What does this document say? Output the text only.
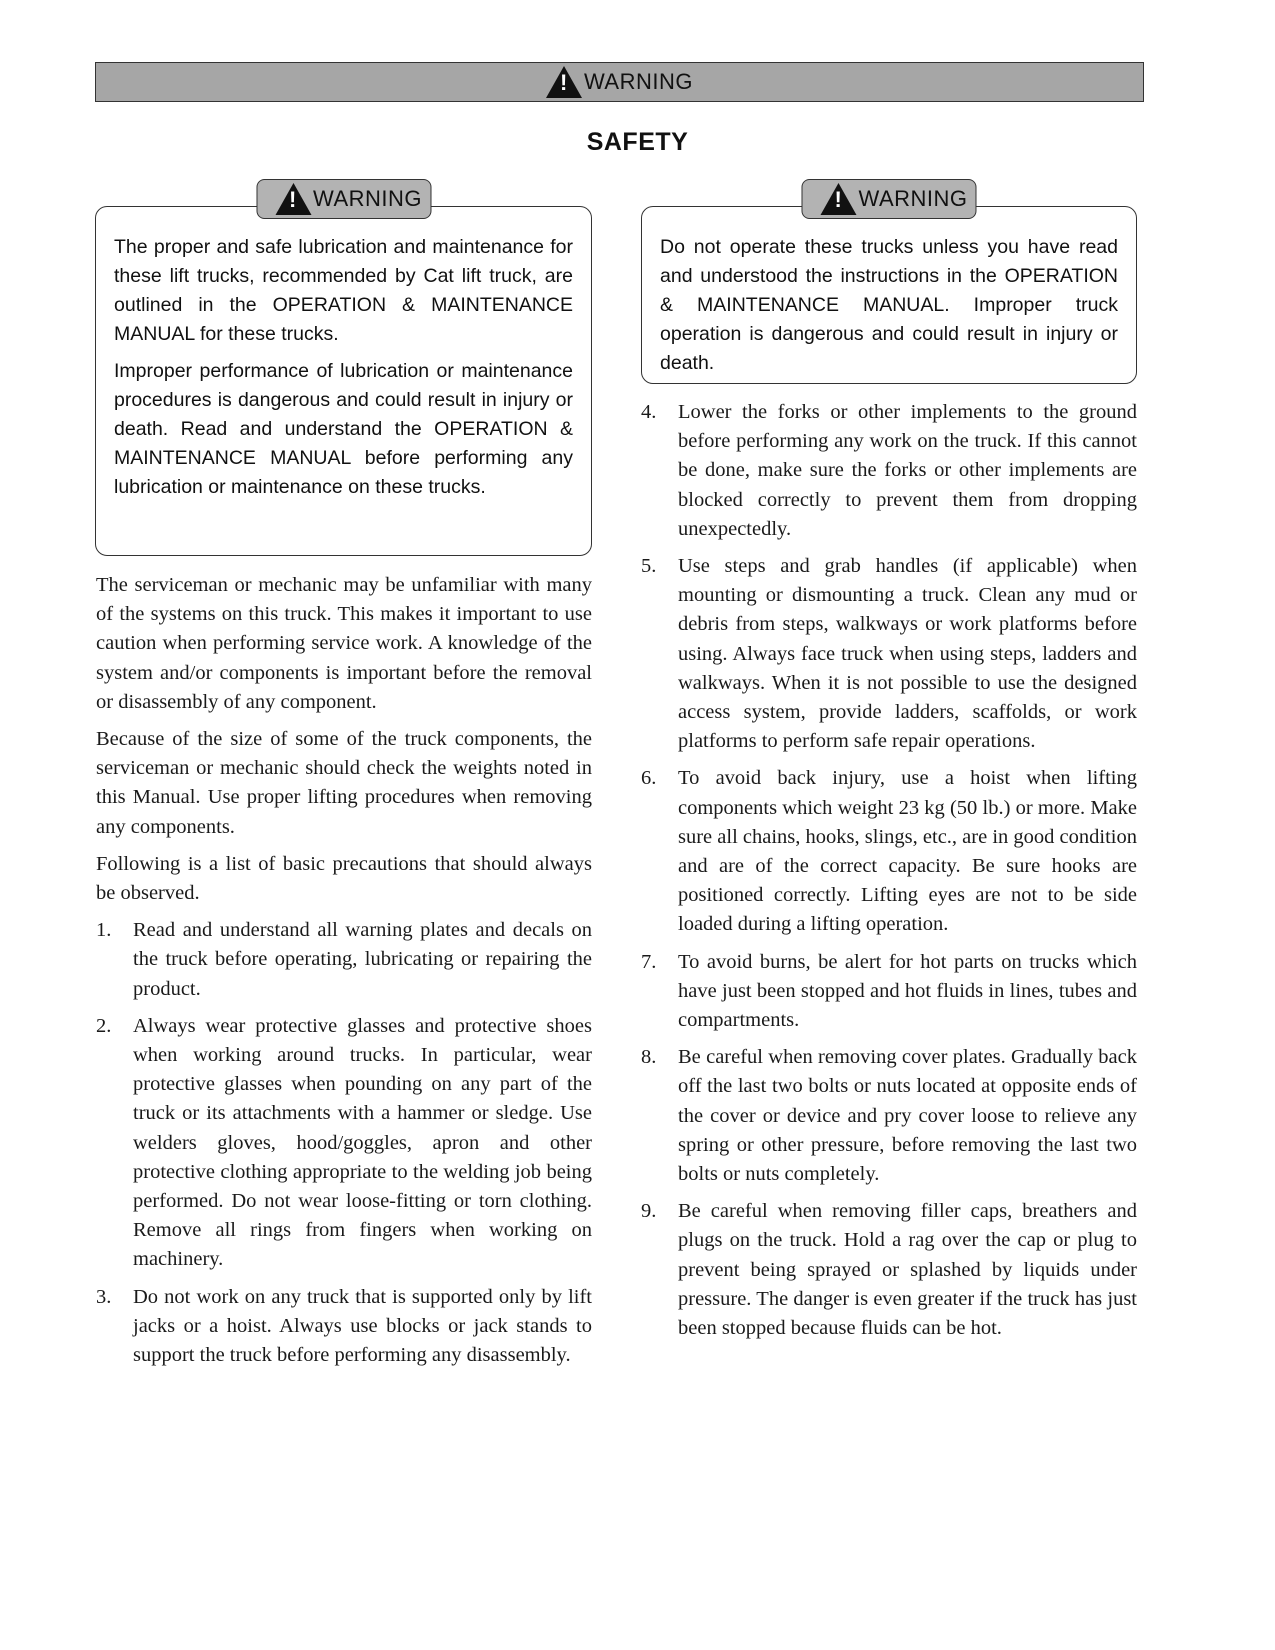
!
WARNING
SAFETY
!
WARNING

The proper and safe lubrication and maintenance for these lift trucks, recommended by Cat lift truck, are outlined in the OPERATION & MAINTENANCE MANUAL for these trucks.

Improper performance of lubrication or maintenance procedures is dangerous and could result in injury or death. Read and understand the OPERATION & MAINTENANCE MANUAL before performing any lubrication or maintenance on these trucks.

!
WARNING

Do not operate these trucks unless you have read and understood the instructions in the OPERATION & MAINTENANCE MANUAL. Improper truck operation is dangerous and could result in injury or death.

The serviceman or mechanic may be unfamiliar with many of the systems on this truck. This makes it important to use caution when performing service work. A knowledge of the system and/or components is important before the removal or disassembly of any component.

Because of the size of some of the truck components, the serviceman or mechanic should check the weights noted in this Manual. Use proper lifting procedures when removing any components.

Following is a list of basic precautions that should always be observed.

1.	Read and understand all warning plates and decals on the truck before operating, lubricating or repairing the product.
2.	Always wear protective glasses and protective shoes when working around trucks. In particular, wear protective glasses when pounding on any part of the truck or its attachments with a hammer or sledge. Use welders gloves, hood/goggles, apron and other protective clothing appropriate to the welding job being performed. Do not wear loose-fitting or torn clothing. Remove all rings from fingers when working on machinery.
3.	Do not work on any truck that is supported only by lift jacks or a hoist. Always use blocks or jack stands to support the truck before performing any disassembly.
4.	Lower the forks or other implements to the ground before performing any work on the truck. If this cannot be done, make sure the forks or other implements are blocked correctly to prevent them from dropping unexpectedly.
5.	Use steps and grab handles (if applicable) when mounting or dismounting a truck. Clean any mud or debris from steps, walkways or work platforms before using. Always face truck when using steps, ladders and walkways. When it is not possible to use the designed access system, provide ladders, scaffolds, or work platforms to perform safe repair operations.
6.	To avoid back injury, use a hoist when lifting components which weight 23 kg (50 lb.) or more. Make sure all chains, hooks, slings, etc., are in good condition and are of the correct capacity. Be sure hooks are positioned correctly. Lifting eyes are not to be side loaded during a lifting operation.
7.	To avoid burns, be alert for hot parts on trucks which have just been stopped and hot fluids in lines, tubes and compartments.
8.	Be careful when removing cover plates. Gradually back off the last two bolts or nuts located at opposite ends of the cover or device and pry cover loose to relieve any spring or other pressure, before removing the last two bolts or nuts completely.
9.	Be careful when removing filler caps, breathers and plugs on the truck. Hold a rag over the cap or plug to prevent being sprayed or splashed by liquids under pressure. The danger is even greater if the truck has just been stopped because fluids can be hot.
